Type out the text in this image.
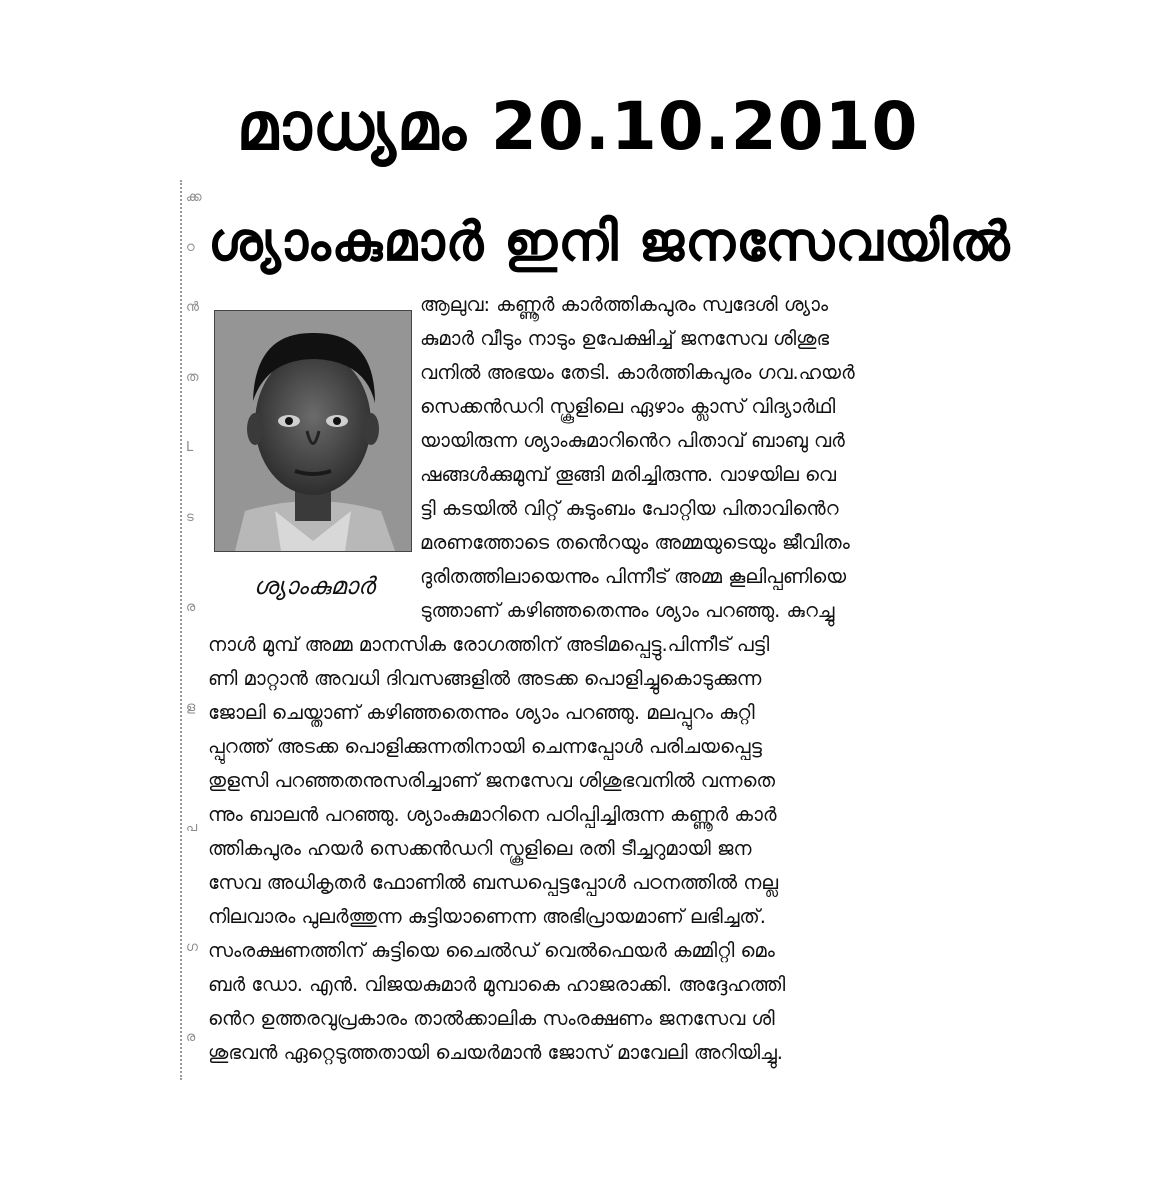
മാധ്യമം 20.10.2010
ക്ക
ഠ
ൻ
ത
L
ട
ര
ള
പ
ഗ
ര
ശ്യാംകുമാർ ഇനി ജനസേവയിൽ
ശ്യാംകുമാർ
ആലുവ: കണ്ണൂർ കാർത്തികപുരം സ്വദേശി ശ്യാം
കുമാർ വീടും നാടും ഉപേക്ഷിച്ച് ജനസേവ ശിശുഭ
വനിൽ അഭയം തേടി. കാർത്തികപുരം ഗവ.ഹയർ
സെക്കൻഡറി സ്കൂളിലെ ഏഴാം ക്ലാസ് വിദ്യാർഥി
യായിരുന്ന ശ്യാംകുമാറിൻെറ പിതാവ് ബാബു വർ
ഷങ്ങൾക്കുമുമ്പ് തൂങ്ങി മരിച്ചിരുന്നു. വാഴയില വെ
ട്ടി കടയിൽ വിറ്റ് കുടുംബം പോറ്റിയ പിതാവിൻെറ
മരണത്തോടെ തൻെറയും അമ്മയുടെയും ജീവിതം
ദുരിതത്തിലായെന്നും പിന്നീട് അമ്മ കൂലിപ്പണിയെ
ടുത്താണ് കഴിഞ്ഞതെന്നും ശ്യാം പറഞ്ഞു. കുറച്ചു
നാൾ മുമ്പ് അമ്മ മാനസിക രോഗത്തിന് അടിമപ്പെട്ടു.പിന്നീട് പട്ടി
ണി മാറ്റാൻ അവധി ദിവസങ്ങളിൽ അടക്ക പൊളിച്ചുകൊടുക്കുന്ന
ജോലി ചെയ്താണ് കഴിഞ്ഞതെന്നും ശ്യാം പറഞ്ഞു. മലപ്പുറം കുറ്റി
പ്പുറത്ത് അടക്ക പൊളിക്കുന്നതിനായി ചെന്നപ്പോൾ പരിചയപ്പെട്ട
തുളസി പറഞ്ഞതനുസരിച്ചാണ് ജനസേവ ശിശുഭവനിൽ വന്നതെ
ന്നും ബാലൻ പറഞ്ഞു. ശ്യാംകുമാറിനെ പഠിപ്പിച്ചിരുന്ന കണ്ണൂർ കാർ
ത്തികപുരം ഹയർ സെക്കൻഡറി സ്കൂളിലെ രതി ടീച്ചറുമായി ജന
സേവ അധികൃതർ ഫോണിൽ ബന്ധപ്പെട്ടപ്പോൾ പഠനത്തിൽ നല്ല
നിലവാരം പുലർത്തുന്ന കുട്ടിയാണെന്ന അഭിപ്രായമാണ് ലഭിച്ചത്.
സംരക്ഷണത്തിന് കുട്ടിയെ ചൈൽഡ് വെൽഫെയർ കമ്മിറ്റി മെം
ബർ ഡോ. എൻ. വിജയകുമാർ മുമ്പാകെ ഹാജരാക്കി. അദ്ദേഹത്തി
ൻെറ ഉത്തരവുപ്രകാരം താൽക്കാലിക സംരക്ഷണം ജനസേവ ശി
ശുഭവൻ ഏറ്റെടുത്തതായി ചെയർമാൻ ജോസ് മാവേലി അറിയിച്ചു.
